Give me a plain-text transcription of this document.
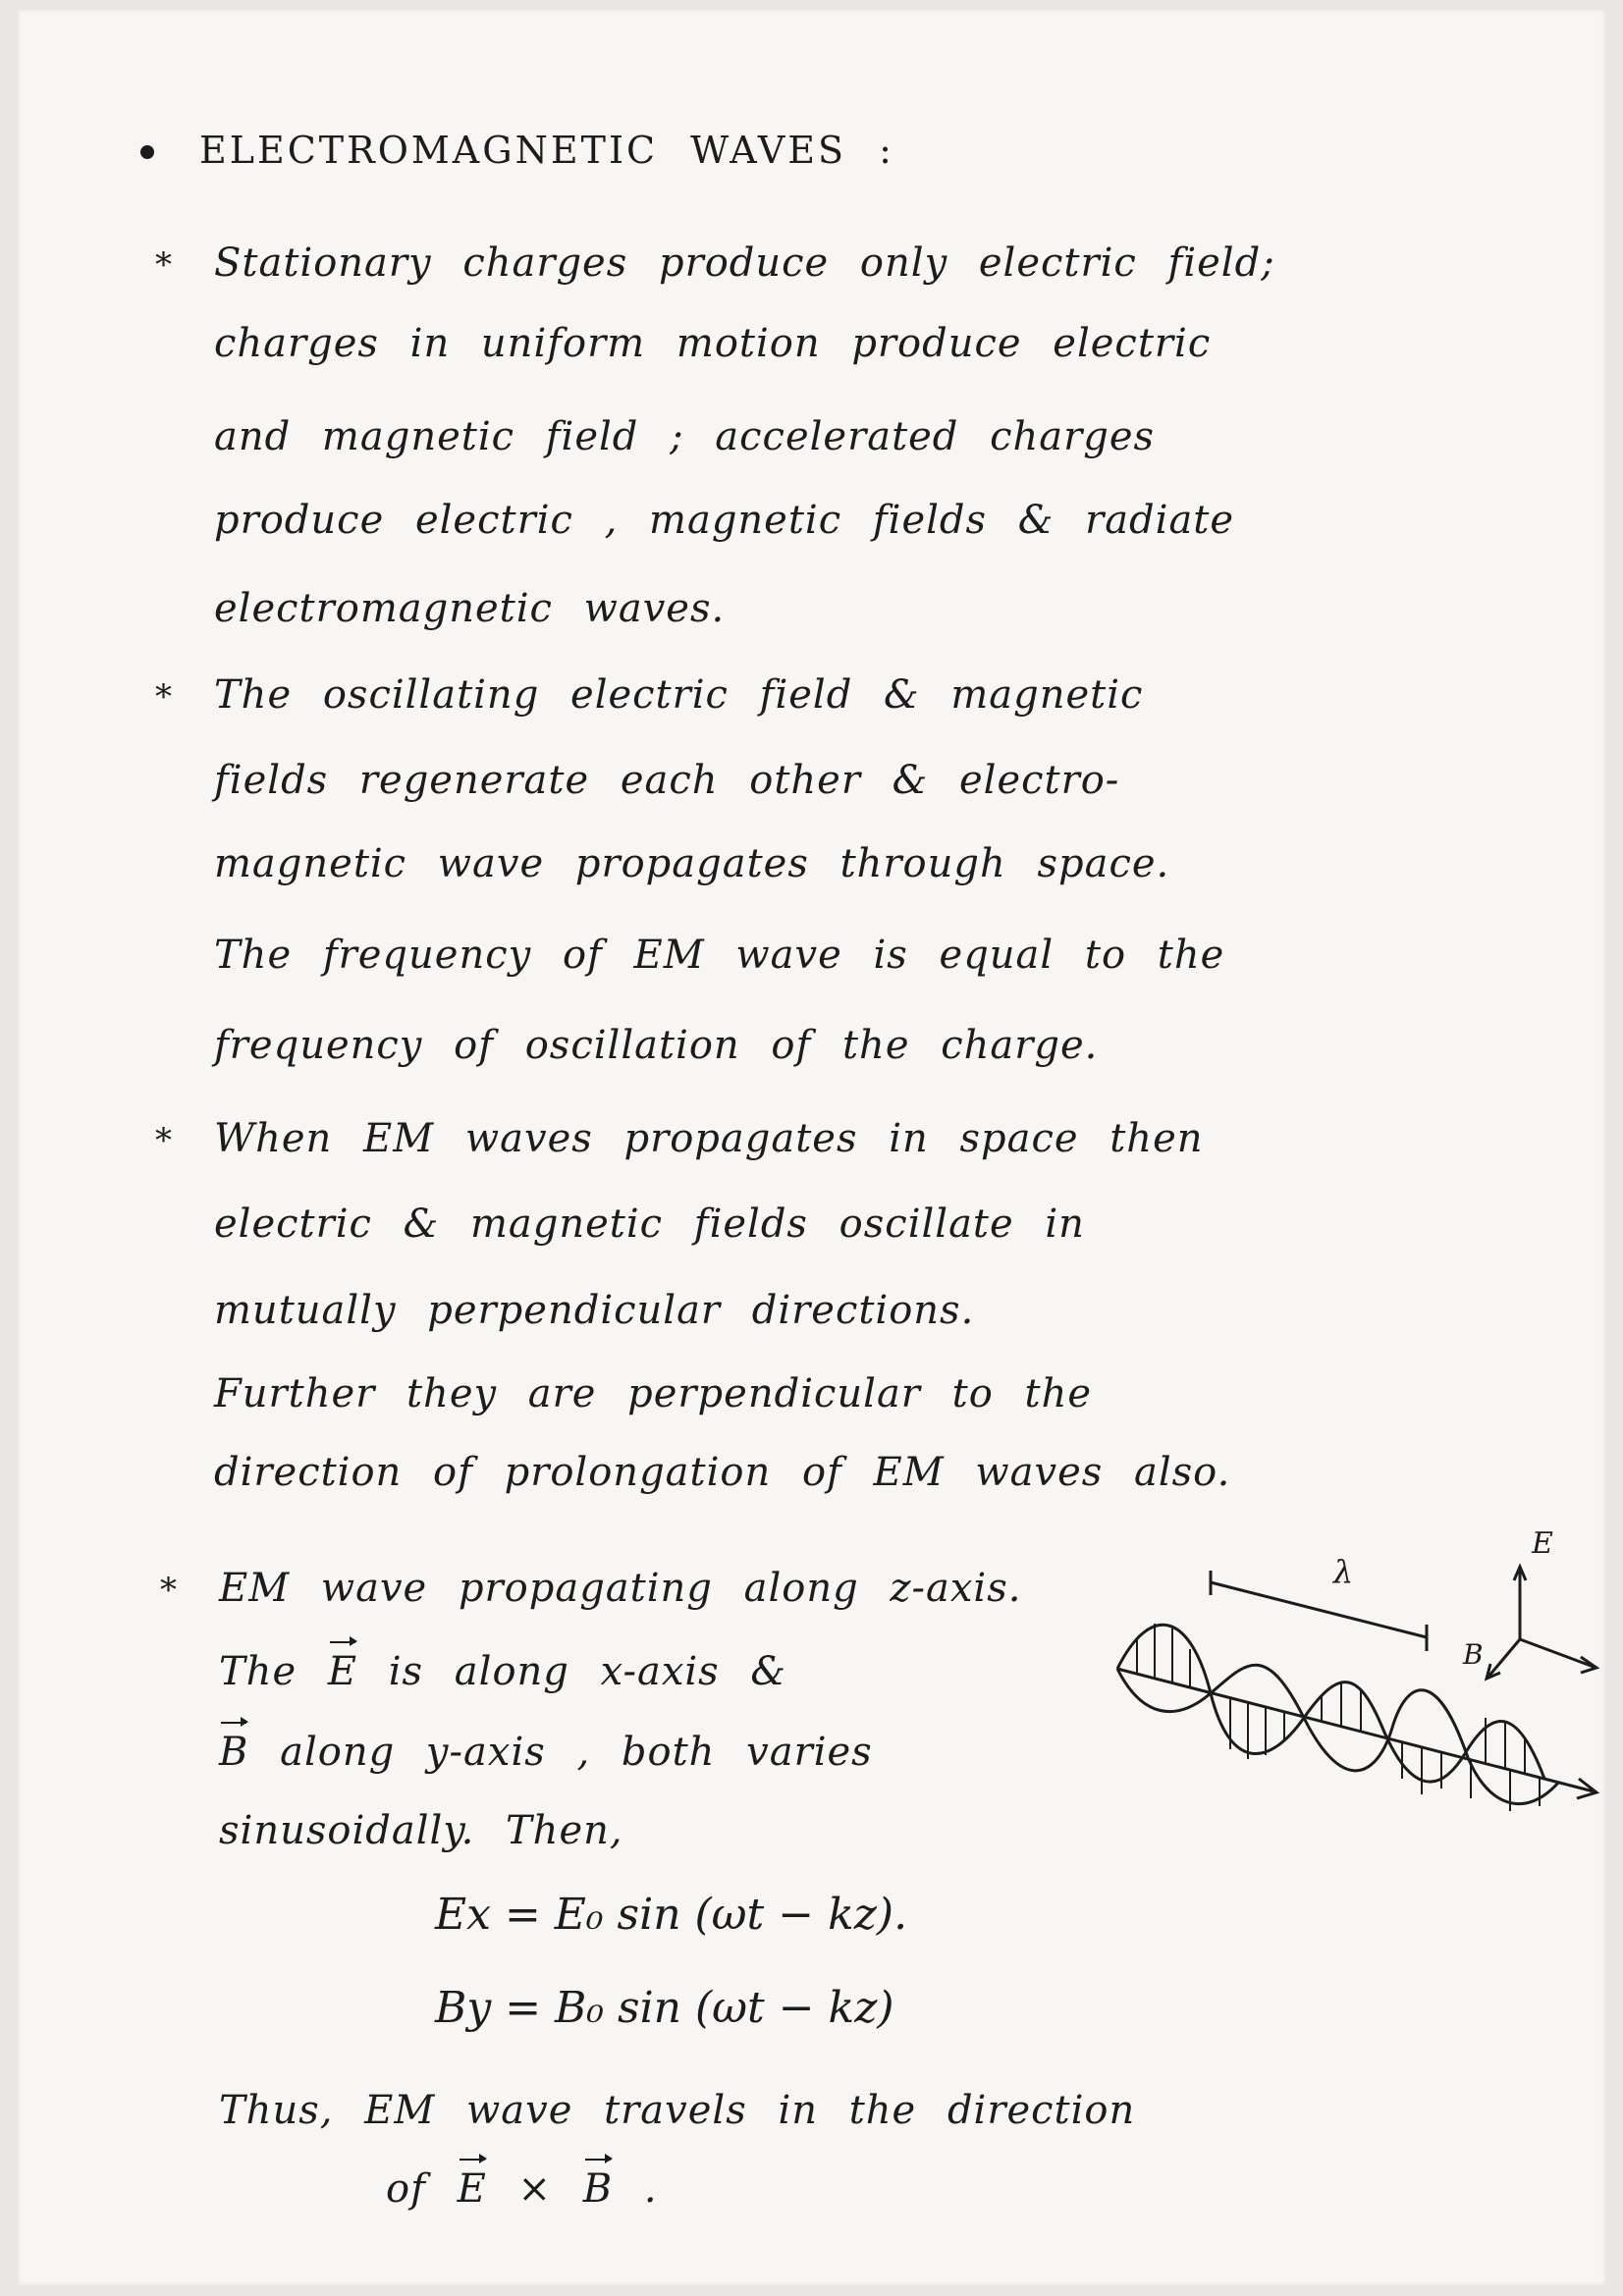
ELECTROMAGNETIC WAVES :
* Stationary charges produce only electric field;
charges in uniform motion produce electric
and magnetic field ; accelerated charges
produce electric , magnetic fields & radiate
electromagnetic waves.
* The oscillating electric field & magnetic
fields regenerate each other & electro-
magnetic wave propagates through space.
The frequency of EM wave is equal to the
frequency of oscillation of the charge.
* When EM waves propagates in space then
electric & magnetic fields oscillate in
mutually perpendicular directions.
Further they are perpendicular to the
direction of prolongation of EM waves also.
* EM wave propagating along z-axis.
The E is along x-axis &
B along y-axis , both varies
sinusoidally. Then,
Ex = E₀ sin (ωt − kz).
By = B₀ sin (ωt − kz)
Thus, EM wave travels in the direction
of E × B .
λ
E
B
